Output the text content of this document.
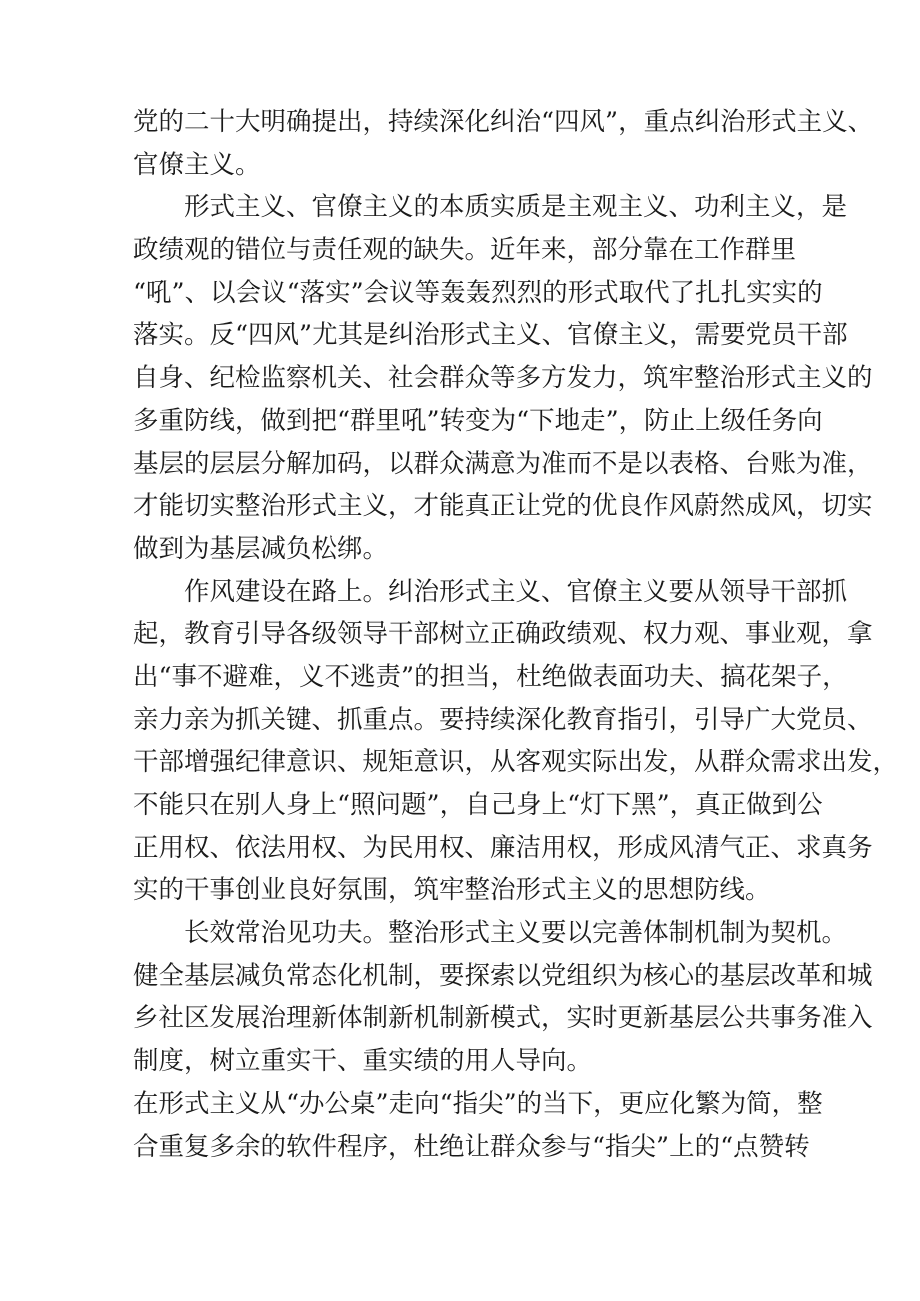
党的二十大明确提出，持续深化纠治“四风”，重点纠治形式主义、
官僚主义。
形式主义、官僚主义的本质实质是主观主义、功利主义，是
政绩观的错位与责任观的缺失。近年来，部分靠在工作群里
“吼”、以会议“落实”会议等轰轰烈烈的形式取代了扎扎实实的
落实。反“四风”尤其是纠治形式主义、官僚主义，需要党员干部
自身、纪检监察机关、社会群众等多方发力，筑牢整治形式主义的
多重防线，做到把“群里吼”转变为“下地走”，防止上级任务向
基层的层层分解加码，以群众满意为准而不是以表格、台账为准，
才能切实整治形式主义，才能真正让党的优良作风蔚然成风，切实
做到为基层减负松绑。
作风建设在路上。纠治形式主义、官僚主义要从领导干部抓
起，教育引导各级领导干部树立正确政绩观、权力观、事业观，拿
出“事不避难，义不逃责”的担当，杜绝做表面功夫、搞花架子，
亲力亲为抓关键、抓重点。要持续深化教育指引，引导广大党员、
干部增强纪律意识、规矩意识，从客观实际出发，从群众需求出发，
不能只在别人身上“照问题”，自己身上“灯下黑”，真正做到公
正用权、依法用权、为民用权、廉洁用权，形成风清气正、求真务
实的干事创业良好氛围，筑牢整治形式主义的思想防线。
长效常治见功夫。整治形式主义要以完善体制机制为契机。
健全基层减负常态化机制，要探索以党组织为核心的基层改革和城
乡社区发展治理新体制新机制新模式，实时更新基层公共事务准入
制度，树立重实干、重实绩的用人导向。
在形式主义从“办公桌”走向“指尖”的当下，更应化繁为简，整
合重复多余的软件程序，杜绝让群众参与“指尖”上的“点赞转
